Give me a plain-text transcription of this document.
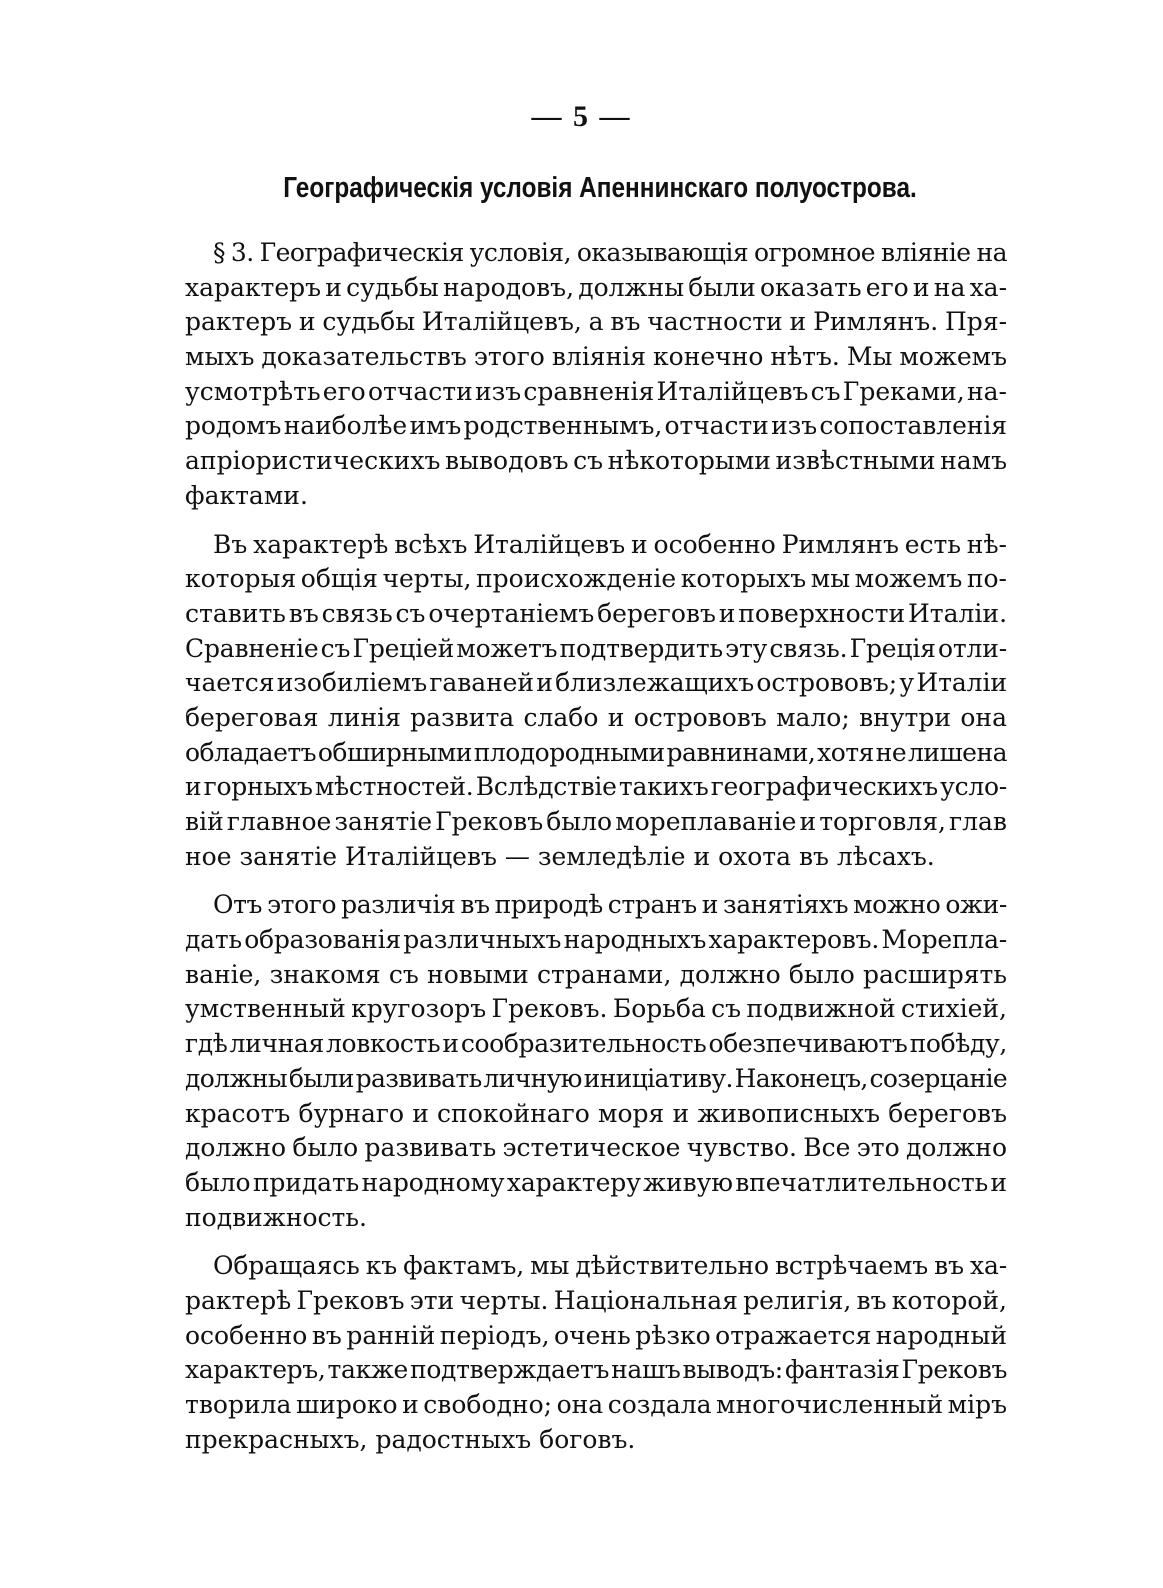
— 5 —
Географическія условія Апеннинскаго полуострова.
§ 3. Географическія условія, оказывающія огромное вліяніе на
характеръ и судьбы народовъ, должны были оказать его и на ха-
рактеръ и судьбы Италійцевъ, а въ частности и Римлянъ. Пря-
мыхъ доказательствъ этого вліянія конечно нѣтъ. Мы можемъ
усмотрѣть его отчасти изъ сравненія Италійцевъ съ Греками, на-
родомъ наиболѣе имъ родственнымъ, отчасти изъ сопоставленія
апріористическихъ выводовъ съ нѣкоторыми извѣстными намъ
фактами.
Въ характерѣ всѣхъ Италійцевъ и особенно Римлянъ есть нѣ-
которыя общія черты, происхожденіе которыхъ мы можемъ по-
ставить въ связь съ очертаніемъ береговъ и поверхности Италіи.
Сравненіе съ Греціей можетъ подтвердить эту связь. Греція отли-
чается изобиліемъ гаваней и близлежащихъ острововъ; у Италіи
береговая линія развита слабо и острововъ мало; внутри она
обладаетъ обширными плодородными равнинами, хотя не лишена
и горныхъ мѣстностей. Вслѣдствіе такихъ географическихъ усло-
вій главное занятіе Грековъ было мореплаваніе и торговля, глав
ное занятіе Италійцевъ — земледѣліе и охота въ лѣсахъ.
Отъ этого различія въ природѣ странъ и занятіяхъ можно ожи-
дать образованія различныхъ народныхъ характеровъ. Морепла-
ваніе, знакомя съ новыми странами, должно было расширять
умственный кругозоръ Грековъ. Борьба съ подвижной стихіей,
гдѣ личная ловкость и сообразительность обезпечиваютъ побѣду,
должны были развивать личную иниціативу. Наконецъ, созерцаніе
красотъ бурнаго и спокойнаго моря и живописныхъ береговъ
должно было развивать эстетическое чувство. Все это должно
было придать народному характеру живую впечатлительность и
подвижность.
Обращаясь къ фактамъ, мы дѣйствительно встрѣчаемъ въ ха-
рактерѣ Грековъ эти черты. Національная религія, въ которой,
особенно въ ранній періодъ, очень рѣзко отражается народный
характеръ, также подтверждаетъ нашъ выводъ: фантазія Грековъ
творила широко и свободно; она создала многочисленный міръ
прекрасныхъ, радостныхъ боговъ.
